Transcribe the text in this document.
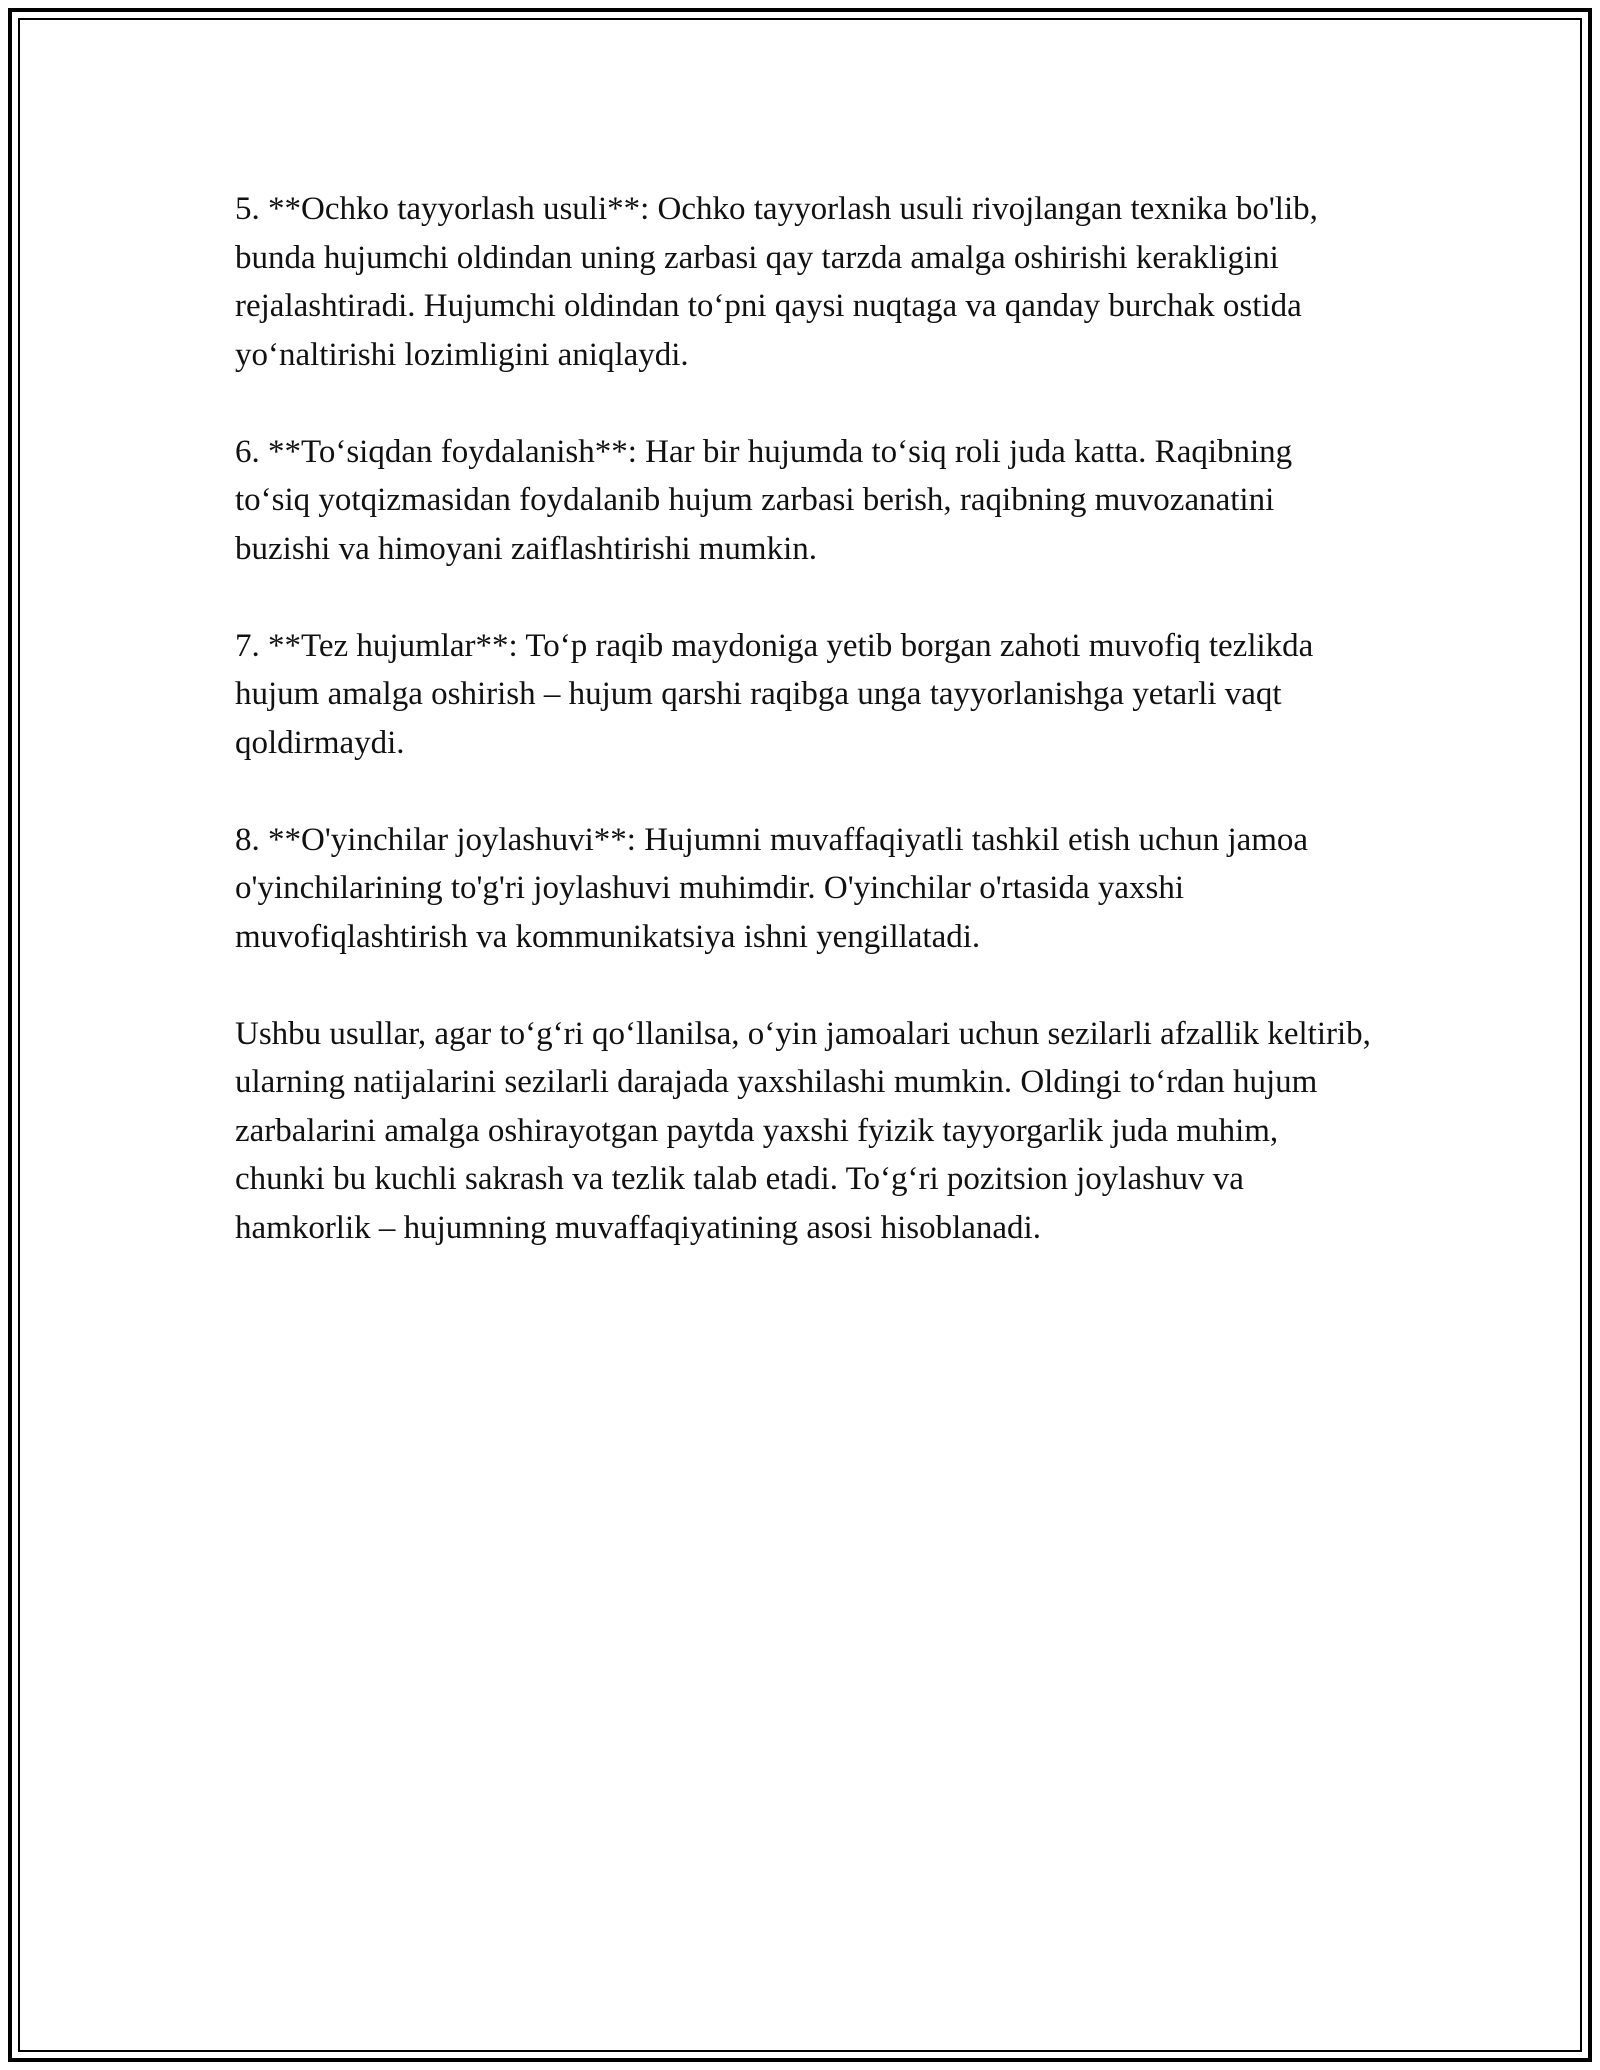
5. **Ochko tayyorlash usuli**: Ochko tayyorlash usuli rivojlangan texnika bo'lib, bunda hujumchi oldindan uning zarbasi qay tarzda amalga oshirishi kerakligini rejalashtiradi. Hujumchi oldindan to‘pni qaysi nuqtaga va qanday burchak ostida yo‘naltirishi lozimligini aniqlaydi.

6. **To‘siqdan foydalanish**: Har bir hujumda to‘siq roli juda katta. Raqibning to‘siq yotqizmasidan foydalanib hujum zarbasi berish, raqibning muvozanatini buzishi va himoyani zaiflashtirishi mumkin.

7. **Tez hujumlar**: To‘p raqib maydoniga yetib borgan zahoti muvofiq tezlikda hujum amalga oshirish – hujum qarshi raqibga unga tayyorlanishga yetarli vaqt qoldirmaydi.

8. **O'yinchilar joylashuvi**: Hujumni muvaffaqiyatli tashkil etish uchun jamoa o'yinchilarining to'g'ri joylashuvi muhimdir. O'yinchilar o'rtasida yaxshi muvofiqlashtirish va kommunikatsiya ishni yengillatadi.

Ushbu usullar, agar to‘g‘ri qo‘llanilsa, o‘yin jamoalari uchun sezilarli afzallik keltirib, ularning natijalarini sezilarli darajada yaxshilashi mumkin. Oldingi to‘rdan hujum zarbalarini amalga oshirayotgan paytda yaxshi fyizik tayyorgarlik juda muhim, chunki bu kuchli sakrash va tezlik talab etadi. To‘g‘ri pozitsion joylashuv va hamkorlik – hujumning muvaffaqiyatining asosi hisoblanadi.
